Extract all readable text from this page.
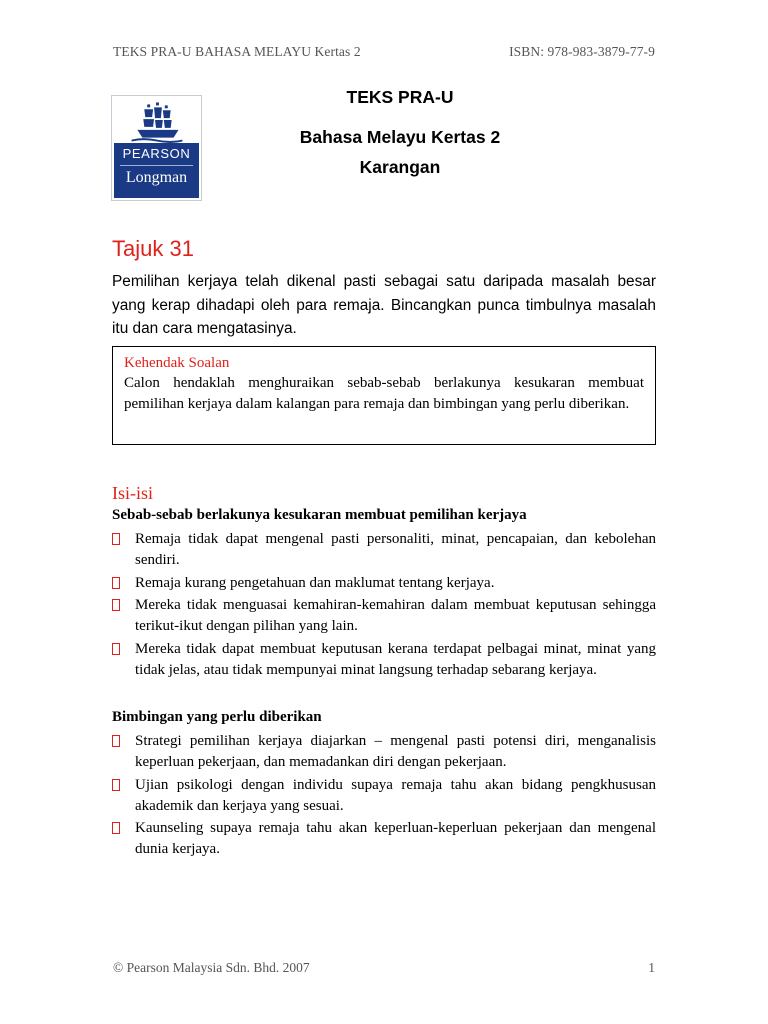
TEKS PRA-U BAHASA MELAYU Kertas 2	ISBN: 978-983-3879-77-9
PEARSON
Longman
TEKS PRA-U
Bahasa Melayu Kertas 2
Karangan
Tajuk 31

Pemilihan kerjaya telah dikenal pasti sebagai satu daripada masalah besar yang kerap dihadapi oleh para remaja. Bincangkan punca timbulnya masalah itu dan cara mengatasinya.

Kehendak Soalan

Calon hendaklah menghuraikan sebab-sebab berlakunya kesukaran membuat pemilihan kerjaya dalam kalangan para remaja dan bimbingan yang perlu diberikan.

Isi-isi
Sebab-sebab berlakunya kesukaran membuat pemilihan kerjaya
Remaja tidak dapat mengenal pasti personaliti, minat, pencapaian, dan kebolehan sendiri.
Remaja kurang pengetahuan dan maklumat tentang kerjaya.
Mereka tidak menguasai kemahiran-kemahiran dalam membuat keputusan sehingga terikut-ikut dengan pilihan yang lain.
Mereka tidak dapat membuat keputusan kerana terdapat pelbagai minat, minat yang tidak jelas, atau tidak mempunyai minat langsung terhadap sebarang kerjaya.
Bimbingan yang perlu diberikan
Strategi pemilihan kerjaya diajarkan – mengenal pasti potensi diri, menganalisis keperluan pekerjaan, dan memadankan diri dengan pekerjaan.
Ujian psikologi dengan individu supaya remaja tahu akan bidang pengkhususan akademik dan kerjaya yang sesuai.
Kaunseling supaya remaja tahu akan keperluan-keperluan pekerjaan dan mengenal dunia kerjaya.
© Pearson Malaysia Sdn. Bhd. 2007	1
